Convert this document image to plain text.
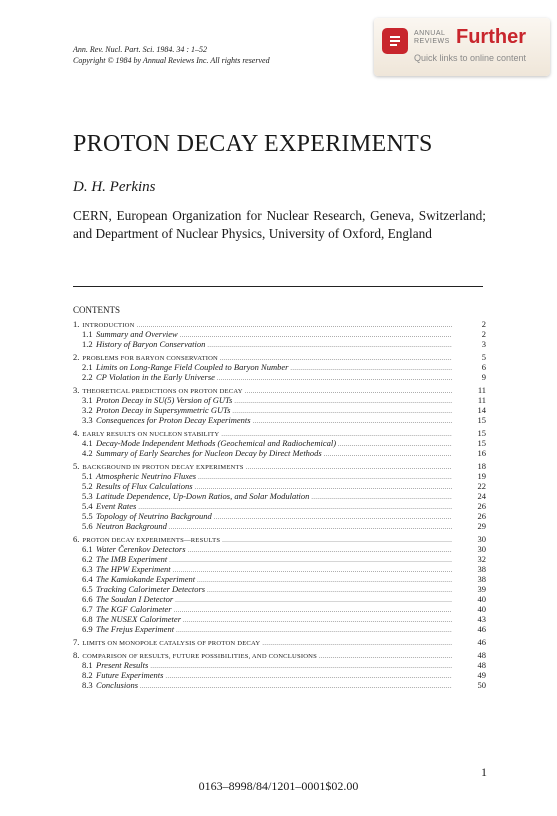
Ann. Rev. Nucl. Part. Sci. 1984. 34 : 1–52
Copyright © 1984 by Annual Reviews Inc. All rights reserved
ANNUAL
REVIEWS Further
Quick links to online content
PROTON DECAY EXPERIMENTS
D. H. Perkins
CERN, European Organization for Nuclear Research, Geneva, Switzerland; and Department of Nuclear Physics, University of Oxford, England
CONTENTS
1. INTRODUCTION .....	2
1.1 Summary and Overview .....	2
1.2 History of Baryon Conservation .....	3
2. PROBLEMS FOR BARYON CONSERVATION .....	5
2.1 Limits on Long-Range Field Coupled to Baryon Number .....	6
2.2 CP Violation in the Early Universe .....	9
3. THEORETICAL PREDICTIONS ON PROTON DECAY .....	11
3.1 Proton Decay in SU(5) Version of GUTs .....	11
3.2 Proton Decay in Supersymmetric GUTs .....	14
3.3 Consequences for Proton Decay Experiments .....	15
4. EARLY RESULTS ON NUCLEON STABILITY .....	15
4.1 Decay-Mode Independent Methods (Geochemical and Radiochemical) .....	15
4.2 Summary of Early Searches for Nucleon Decay by Direct Methods .....	16
5. BACKGROUND IN PROTON DECAY EXPERIMENTS .....	18
5.1 Atmospheric Neutrino Fluxes .....	19
5.2 Results of Flux Calculations .....	22
5.3 Latitude Dependence, Up-Down Ratios, and Solar Modulation .....	24
5.4 Event Rates .....	26
5.5 Topology of Neutrino Background .....	26
5.6 Neutron Background .....	29
6. PROTON DECAY EXPERIMENTS—RESULTS .....	30
6.1 Water Čerenkov Detectors .....	30
6.2 The IMB Experiment .....	32
6.3 The HPW Experiment .....	38
6.4 The Kamiokande Experiment .....	38
6.5 Tracking Calorimeter Detectors .....	39
6.6 The Soudan I Detector .....	40
6.7 The KGF Calorimeter .....	40
6.8 The NUSEX Calorimeter .....	43
6.9 The Frejus Experiment .....	46
7. LIMITS ON MONOPOLE CATALYSIS OF PROTON DECAY .....	46
8. COMPARISON OF RESULTS, FUTURE POSSIBILITIES, AND CONCLUSIONS .....	48
8.1 Present Results .....	48
8.2 Future Experiments .....	49
8.3 Conclusions .....	50
1
0163–8998/84/1201–0001$02.00
